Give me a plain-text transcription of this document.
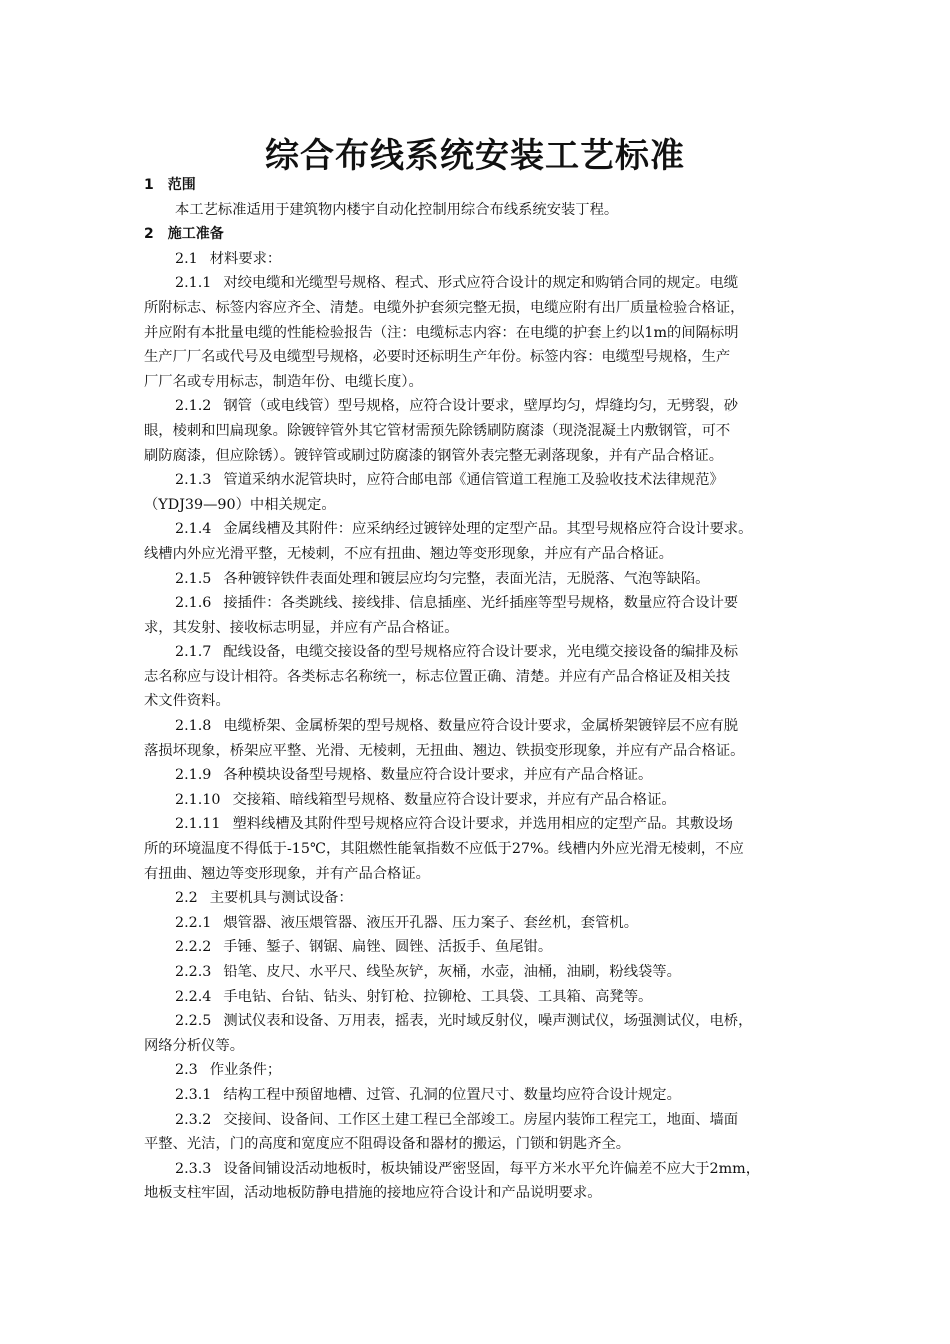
综合布线系统安装工艺标准
1 范围
本工艺标准适用于建筑物内楼宇自动化控制用综合布线系统安装丁程。
2 施工准备
2.1 材料要求：
2.1.1 对绞电缆和光缆型号规格、程式、形式应符合设计的规定和购销合同的规定。电缆
所附标志、标签内容应齐全、清楚。电缆外护套须完整无损，电缆应附有出厂质量检验合格证，
并应附有本批量电缆的性能检验报告（注：电缆标志内容：在电缆的护套上约以1m的间隔标明
生产厂厂名或代号及电缆型号规格，必要时还标明生产年份。标签内容：电缆型号规格，生产
厂厂名或专用标志，制造年份、电缆长度）。
2.1.2 钢管（或电线管）型号规格，应符合设计要求，壁厚均匀，焊缝均匀，无劈裂，砂
眼，棱刺和凹扁现象。除镀锌管外其它管材需预先除锈刷防腐漆（现浇混凝土内敷钢管，可不
刷防腐漆，但应除锈）。镀锌管或刷过防腐漆的钢管外表完整无剥落现象，并有产品合格证。
2.1.3 管道采纳水泥管块时，应符合邮电部《通信管道工程施工及验收技术法律规范》
（YDJ39—90）中相关规定。
2.1.4 金属线槽及其附件：应采纳经过镀锌处理的定型产品。其型号规格应符合设计要求。
线槽内外应光滑平整，无棱刺，不应有扭曲、翘边等变形现象，并应有产品合格证。
2.1.5 各种镀锌铁件表面处理和镀层应均匀完整，表面光洁，无脱落、气泡等缺陷。
2.1.6 接插件：各类跳线、接线排、信息插座、光纤插座等型号规格，数量应符合设计要
求，其发射、接收标志明显，并应有产品合格证。
2.1.7 配线设备，电缆交接设备的型号规格应符合设计要求，光电缆交接设备的编排及标
志名称应与设计相符。各类标志名称统一，标志位置正确、清楚。并应有产品合格证及相关技
术文件资料。
2.1.8 电缆桥架、金属桥架的型号规格、数量应符合设计要求，金属桥架镀锌层不应有脱
落损坏现象，桥架应平整、光滑、无棱刺，无扭曲、翘边、铁损变形现象，并应有产品合格证。
2.1.9 各种模块设备型号规格、数量应符合设计要求，并应有产品合格证。
2.1.10 交接箱、暗线箱型号规格、数量应符合设计要求，并应有产品合格证。
2.1.11 塑料线槽及其附件型号规格应符合设计要求，并选用相应的定型产品。其敷设场
所的环境温度不得低于-15℃，其阻燃性能氧指数不应低于27%。线槽内外应光滑无棱刺，不应
有扭曲、翘边等变形现象，并有产品合格证。
2.2 主要机具与测试设备：
2.2.1 煨管器、液压煨管器、液压开孔器、压力案子、套丝机，套管机。
2.2.2 手锤、錾子、钢锯、扁锉、圆锉、活扳手、鱼尾钳。
2.2.3 铅笔、皮尺、水平尺、线坠灰铲，灰桶，水壶，油桶，油刷，粉线袋等。
2.2.4 手电钻、台钻、钻头、射钉枪、拉铆枪、工具袋、工具箱、高凳等。
2.2.5 测试仪表和设备、万用表，摇表，光时域反射仪，噪声测试仪，场强测试仪，电桥，
网络分析仪等。
2.3 作业条件；
2.3.1 结构工程中预留地槽、过管、孔洞的位置尺寸、数量均应符合设计规定。
2.3.2 交接间、设备间、工作区土建工程已全部竣工。房屋内装饰工程完工，地面、墙面
平整、光洁，门的高度和宽度应不阻碍设备和器材的搬运，门锁和钥匙齐全。
2.3.3 设备间铺设活动地板时，板块铺设严密竖固，每平方米水平允许偏差不应大于2mm，
地板支柱牢固，活动地板防静电措施的接地应符合设计和产品说明要求。
